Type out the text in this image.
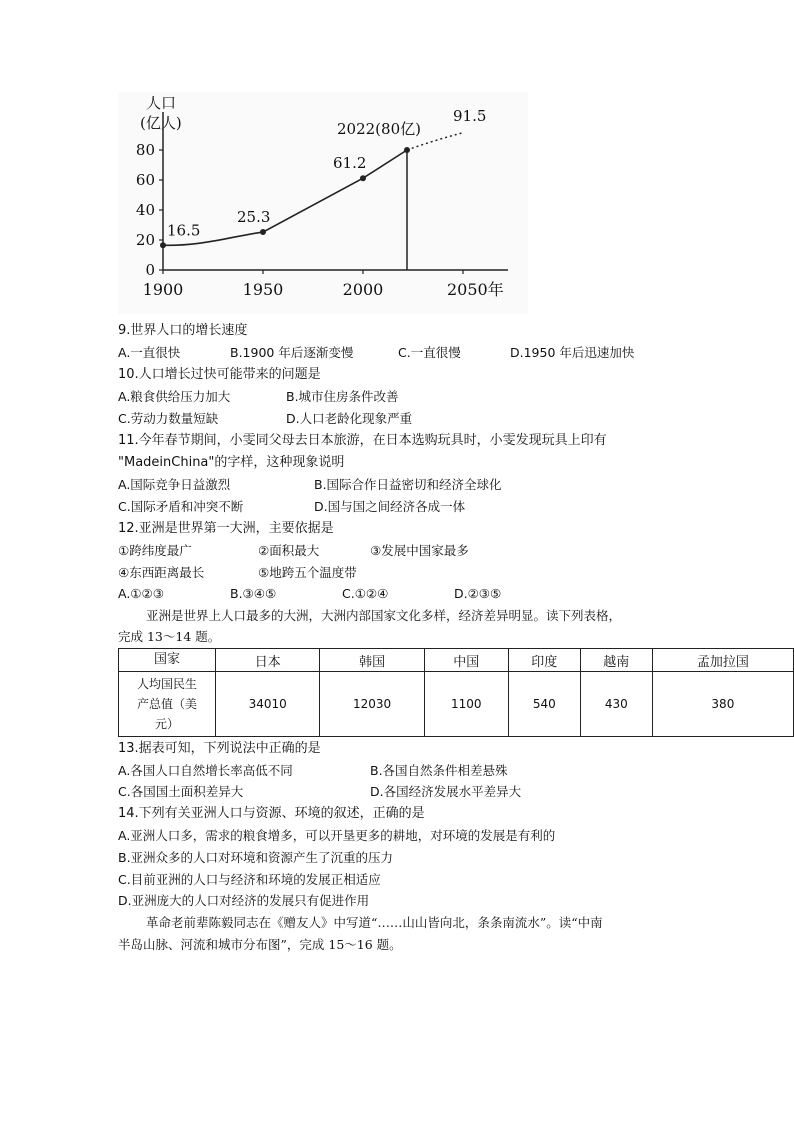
人口
(亿人)
0
20
40
60
80
1900	1950	2000	2050年
16.5
25.3
61.2
2022(80亿)
91.5
9.世界人口的增长速度
A.一直很快	B.1900 年后逐渐变慢	C.一直很慢	D.1950 年后迅速加快
10.人口增长过快可能带来的问题是
A.粮食供给压力加大	B.城市住房条件改善
C.劳动力数量短缺	D.人口老龄化现象严重
11.今年春节期间，小雯同父母去日本旅游，在日本选购玩具时，小雯发现玩具上印有
"MadeinChina"的字样，这种现象说明
A.国际竞争日益激烈	B.国际合作日益密切和经济全球化
C.国际矛盾和冲突不断	D.国与国之间经济各成一体
12.亚洲是世界第一大洲，主要依据是
①跨纬度最广	②面积最大	③发展中国家最多
④东西距离最长	⑤地跨五个温度带
A.①②③	B.③④⑤	C.①②④	D.②③⑤
亚洲是世界上人口最多的大洲，大洲内部国家文化多样，经济差异明显。读下列表格，
完成 13～14 题。
国家	日本	韩国	中国	印度	越南	孟加拉国

人均国民生
产总值（美
元）	34010	12030	1100	540	430	380
13.据表可知，下列说法中正确的是
A.各国人口自然增长率高低不同	B.各国自然条件相差悬殊
C.各国国土面积差异大	D.各国经济发展水平差异大
14.下列有关亚洲人口与资源、环境的叙述，正确的是
A.亚洲人口多，需求的粮食增多，可以开垦更多的耕地，对环境的发展是有利的
B.亚洲众多的人口对环境和资源产生了沉重的压力
C.目前亚洲的人口与经济和环境的发展正相适应
D.亚洲庞大的人口对经济的发展只有促进作用
革命老前辈陈毅同志在《赠友人》中写道“……山山皆向北，条条南流水”。读“中南
半岛山脉、河流和城市分布图”，完成 15～16 题。
